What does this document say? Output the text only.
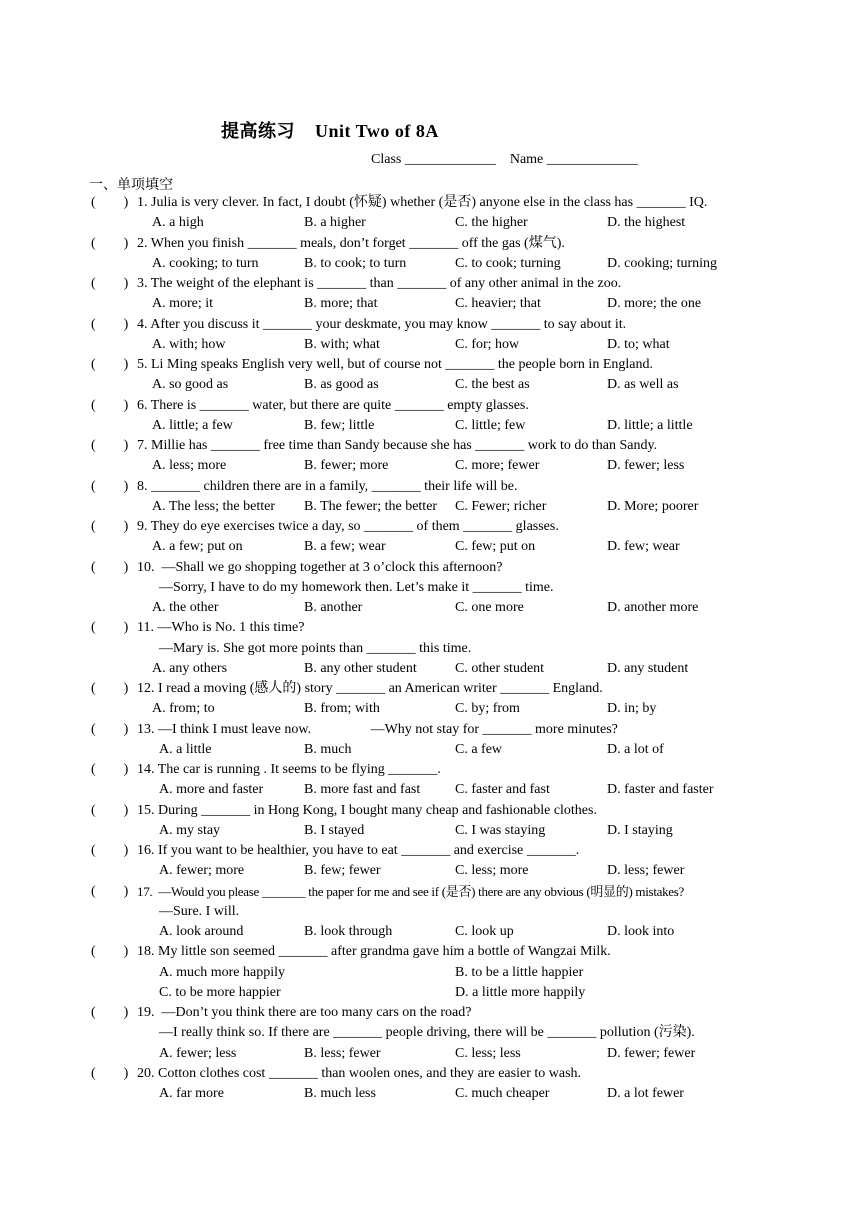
提高练习    Unit Two of 8A
Class _____________    Name _____________
一、单项填空
(        ) 1. Julia is very clever. In fact, I doubt (怀疑) whether (是否) anyone else in the class has _______ IQ.
A. a high	B. a higher	C. the higher	D. the highest
(        ) 2. When you finish _______ meals, don’t forget _______ off the gas (煤气).
A. cooking; to turn	B. to cook; to turn	C. to cook; turning	D. cooking; turning
(        ) 3. The weight of the elephant is _______ than _______ of any other animal in the zoo.
A. more; it	B. more; that	C. heavier; that	D. more; the one
(        ) 4. After you discuss it _______ your deskmate, you may know _______ to say about it.
A. with; how	B. with; what	C. for; how	D. to; what
(        ) 5. Li Ming speaks English very well, but of course not _______ the people born in England.
A. so good as	B. as good as	C. the best as	D. as well as
(        ) 6. There is _______ water, but there are quite _______ empty glasses.
A. little; a few	B. few; little	C. little; few	D. little; a little
(        ) 7. Millie has _______ free time than Sandy because she has _______ work to do than Sandy.
A. less; more	B. fewer; more	C. more; fewer	D. fewer; less
(        ) 8. _______ children there are in a family, _______ their life will be.
A. The less; the better B. The fewer; the better C. Fewer; richer	D. More; poorer
(        ) 9. They do eye exercises twice a day, so _______ of them _______ glasses.
A. a few; put on	B. a few; wear	C. few; put on	D. few; wear
(        ) 10.  —Shall we go shopping together at 3 o’clock this afternoon?
—Sorry, I have to do my homework then. Let’s make it _______ time.
A. the other	B. another	C. one more	D. another more
(        ) 11. —Who is No. 1 this time?
—Mary is. She got more points than _______ this time.
A. any others	B. any other student	C. other student	D. any student
(        ) 12. I read a moving (感人的) story _______ an American writer _______ England.
A. from; to	B. from; with	C. by; from	D. in; by
(        ) 13. —I think I must leave now.                 —Why not stay for _______ more minutes?
A. a little	B. much	C. a few	D. a lot of
(        ) 14. The car is running . It seems to be flying _______.
A. more and faster	B. more fast and fast C. faster and fast	D. faster and faster
(        ) 15. During _______ in Hong Kong, I bought many cheap and fashionable clothes.
A. my stay	B. I stayed	C. I was staying	D. I staying
(        ) 16. If you want to be healthier, you have to eat _______ and exercise _______.
A. fewer; more	B. few; fewer	C. less; more	D. less; fewer
(        ) 17.  —Would you please _______ the paper for me and see if (是否) there are any obvious (明显的) mistakes?
—Sure. I will.
A. look around	B. look through	C. look up	D. look into
(        ) 18. My little son seemed _______ after grandma gave him a bottle of Wangzai Milk.
A. much more happily	B. to be a little happier
C. to be more happier	D. a little more happily
(        ) 19.  —Don’t you think there are too many cars on the road?
—I really think so. If there are _______ people driving, there will be _______ pollution (污染).
A. fewer; less	B. less; fewer	C. less; less	D. fewer; fewer
(        ) 20. Cotton clothes cost _______ than woolen ones, and they are easier to wash.
A. far more	B. much less	C. much cheaper	D. a lot fewer
